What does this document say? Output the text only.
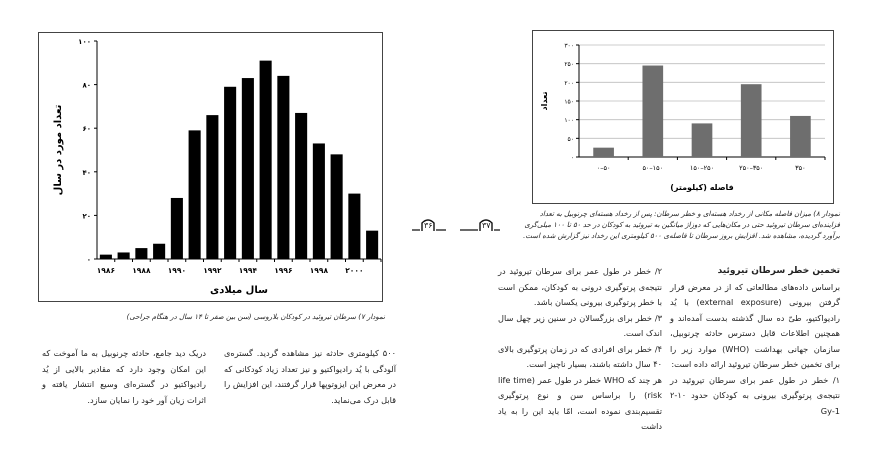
۰
۲۰
۴۰
۶۰
۸۰
۱۰۰
۱۹۸۶ ۱۹۸۸ ۱۹۹۰ ۱۹۹۲ ۱۹۹۴ ۱۹۹۶ ۱۹۹۸ ۲۰۰۰
سال میلادی
تعداد مورد در سال
نمودار ۷) سرطان تیروئید در کودکان بلاروسی (سن بین صفر تا ۱۴ سال در هنگام جراحی)
۵۰۰ کیلومتری حادثه نیز مشاهده گردید. گستره‌ی آلودگی با یُد رادیواکتیو و نیز تعداد زیاد کودکانی که در معرض این ایزوتوپها قرار گرفتند، این افزایش را قابل درک می‌نماید.
دریک دید جامع، حادثه چرنوبیل به ما آموخت که این امکان وجود دارد که مقادیر بالایی از یُد رادیواکتیو در گستره‌ای وسیع انتشار یافته و اثرات زیان آور خود را نمایان سازد.
۳۶	۳۷
۰
۵۰
۱۰۰
۱۵۰
۲۰۰
۲۵۰
۳۰۰
۰–۵۰	۵۰–۱۵۰	۱۵۰–۲۵۰	۲۵۰–۳۵۰	۳۵۰
فاصله (کیلومتر)
تعداد
نمودار ۸) میزان فاصله مکانی از رخداد هسته‌ای و خطر سرطان: پس از رخداد هسته‌ای چرنوبیل به تعداد فزاینده‌ای سرطان تیروئید حتی در مکان‌هایی که دوزاژ میانگین به تیروئید به کودکان در حد ۵۰ تا ۱۰۰ میلی‌گری برآورد گردیده، مشاهده شد. افزایش بروز سرطان تا فاصله‌ی ۵۰۰ کیلومتری این رخداد نیز گزارش شده است.

تخمین خطر سرطان تیروئید

براساس داده‌های مطالعاتی که از در معرض قرار گرفتن بیرونی (external exposure) با یُد رادیواکتیو، طیّ ده سال گذشته بدست آمده‌اند و همچنین اطلاعات قابل دسترس حادثه چرنوبیل، سازمان جهانی بهداشت (WHO) موارد زیر را برای تخمین خطر سرطان تیروئید ارائه داده است:

۱/ خطر در طول عمر برای سرطان تیروئید در نتیجه‌ی پرتوگیری بیرونی به کودکان حدود ۱۰-۲ Gy-1

۲/ خطر در طول عمر برای سرطان تیروئید در نتیجه‌ی پرتوگیری درونی به کودکان، ممکن است با خطر پرتوگیری بیرونی یکسان باشد.

۳/ خطر برای بزرگسالان در سنین زیر چهل سال اندک است.

۴/ خطر برای افرادی که در زمان پرتوگیری بالای ۴۰ سال داشته باشند، بسیار ناچیز است.

هر چند که WHO خطر در طول عمر (life time risk) را براساس سن و نوع پرتوگیری تقسیم‌بندی نموده است، امّا باید این را به یاد داشت
